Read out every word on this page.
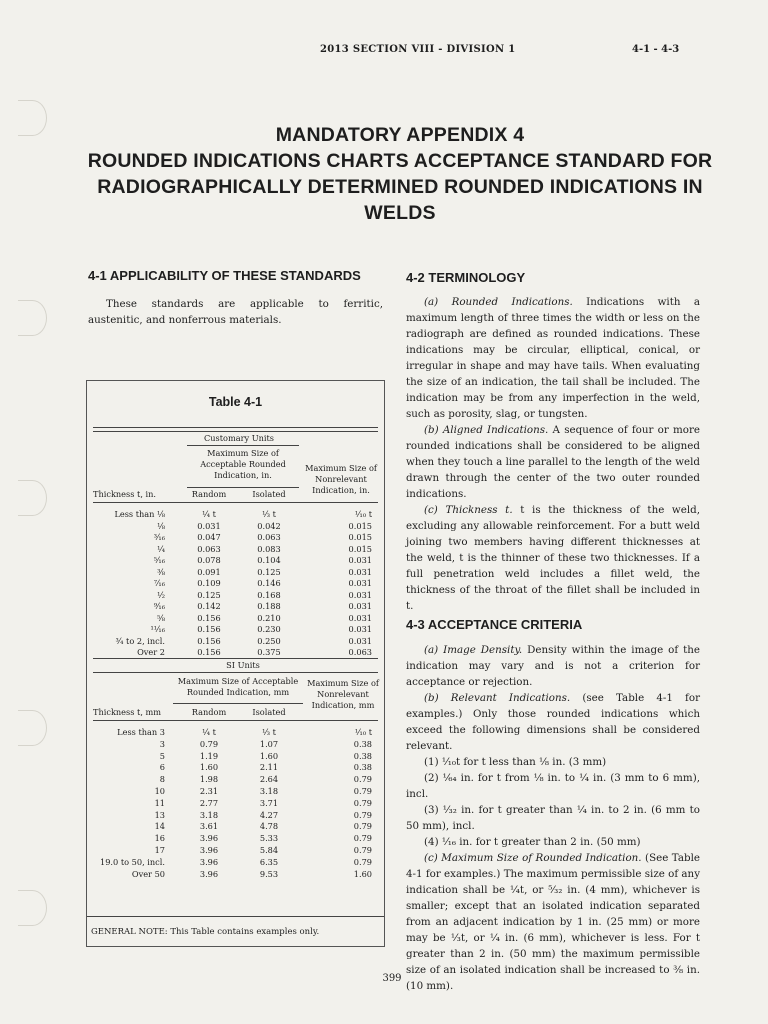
2013 SECTION VIII - DIVISION 1	4-1 - 4-3
MANDATORY APPENDIX 4
ROUNDED INDICATIONS CHARTS ACCEPTANCE STANDARD FOR
RADIOGRAPHICALLY DETERMINED ROUNDED INDICATIONS IN
WELDS
4-1 APPLICABILITY OF THESE STANDARDS

These standards are applicable to ferritic, austenitic, and nonferrous materials.

Table 4-1
Customary Units
Maximum Size of Acceptable Rounded Indication, in.
Maximum Size of Nonrelevant Indication, in.
Thickness t, in.	Random	Isolated
Less than ¹⁄₈	¹⁄₄ t	¹⁄₃ t	¹⁄₁₀ t
¹⁄₈	0.031	0.042	0.015
³⁄₁₆	0.047	0.063	0.015
¹⁄₄	0.063	0.083	0.015
⁵⁄₁₆	0.078	0.104	0.031
³⁄₈	0.091	0.125	0.031
⁷⁄₁₆	0.109	0.146	0.031
¹⁄₂	0.125	0.168	0.031
⁹⁄₁₆	0.142	0.188	0.031
⁵⁄₈	0.156	0.210	0.031
¹¹⁄₁₆	0.156	0.230	0.031
³⁄₄ to 2, incl.	0.156	0.250	0.031
Over 2	0.156	0.375	0.063
SI Units
Maximum Size of Acceptable Rounded Indication, mm
Maximum Size of Nonrelevant Indication, mm
Thickness t, mm	Random	Isolated
Less than 3	¹⁄₄ t	¹⁄₃ t	¹⁄₁₀ t
3	0.79	1.07	0.38
5	1.19	1.60	0.38
6	1.60	2.11	0.38
8	1.98	2.64	0.79
10	2.31	3.18	0.79
11	2.77	3.71	0.79
13	3.18	4.27	0.79
14	3.61	4.78	0.79
16	3.96	5.33	0.79
17	3.96	5.84	0.79
19.0 to 50, incl.	3.96	6.35	0.79
Over 50	3.96	9.53	1.60
GENERAL NOTE: This Table contains examples only.
4-2 TERMINOLOGY

(a) Rounded Indications. Indications with a maximum length of three times the width or less on the radiograph are defined as rounded indications. These indications may be circular, elliptical, conical, or irregular in shape and may have tails. When evaluating the size of an indication, the tail shall be included. The indication may be from any imperfection in the weld, such as porosity, slag, or tungsten.

(b) Aligned Indications. A sequence of four or more rounded indications shall be considered to be aligned when they touch a line parallel to the length of the weld drawn through the center of the two outer rounded indications.

(c) Thickness t. t is the thickness of the weld, excluding any allowable reinforcement. For a butt weld joining two members having different thicknesses at the weld, t is the thinner of these two thicknesses. If a full penetration weld includes a fillet weld, the thickness of the throat of the fillet shall be included in t.

4-3 ACCEPTANCE CRITERIA

(a) Image Density. Density within the image of the indication may vary and is not a criterion for acceptance or rejection.

(b) Relevant Indications. (see Table 4-1 for examples.) Only those rounded indications which exceed the following dimensions shall be considered relevant.

(1) ¹⁄₁₀t for t less than ¹⁄₈ in. (3 mm)

(2) ¹⁄₆₄ in. for t from ¹⁄₈ in. to ¹⁄₄ in. (3 mm to 6 mm), incl.

(3) ¹⁄₃₂ in. for t greater than ¹⁄₄ in. to 2 in. (6 mm to 50 mm), incl.

(4) ¹⁄₁₆ in. for t greater than 2 in. (50 mm)

(c) Maximum Size of Rounded Indication. (See Table 4-1 for examples.) The maximum permissible size of any indication shall be ¹⁄₄t, or ⁵⁄₃₂ in. (4 mm), whichever is smaller; except that an isolated indication separated from an adjacent indication by 1 in. (25 mm) or more may be ¹⁄₃t, or ¹⁄₄ in. (6 mm), whichever is less. For t greater than 2 in. (50 mm) the maximum permissible size of an isolated indication shall be increased to ³⁄₈ in. (10 mm).

399
